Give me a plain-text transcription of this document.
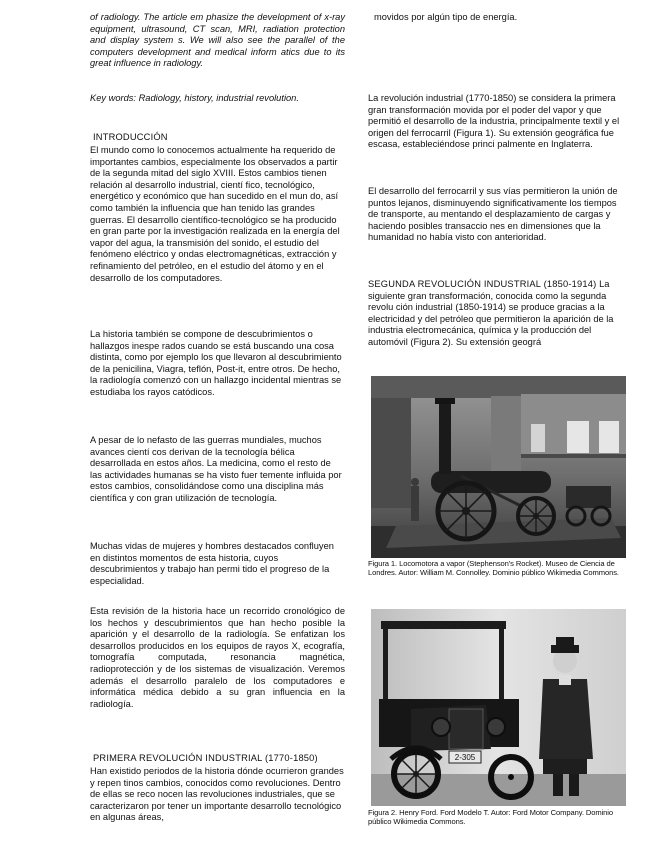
of radiology. The article em phasize the development of x-ray equipment, ultrasound, CT scan, MRI, radiation protection and display system s. We will also see the parallel of the computers development and medical inform atics due to its great influence in radiology.

Key words: Radiology, history, industrial revolution.

INTRODUCCIÓN

El mundo como lo conocemos actualmente ha requerido de importantes cambios, especialmente los observados a partir de la segunda mitad del siglo XVIII. Estos cambios tienen relación al desarrollo industrial, cientí fico, tecnológico, energético y económico que han sucedido en el mun do, así como también la influencia que han tenido las grandes guerras. El desarrollo científico-tecnológico se ha producido en gran parte por la investigación realizada en la energía del vapor del agua, la transmisión del sonido, el estudio del fenómeno eléctrico y ondas electromagnéticas, extracción y refinamiento del petróleo, en el estudio del átomo y en el desarrollo de los computadores.

La historia también se compone de descubrimientos o hallazgos inespe rados cuando se está buscando una cosa distinta, como por ejemplo los que llevaron al descubrimiento de la penicilina, Viagra, teflón, Post-it, entre otros. De hecho, la radiología comenzó con un hallazgo incidental mientras se estudiaba los rayos catódicos.

A pesar de lo nefasto de las guerras mundiales, muchos avances cientí cos derivan de la tecnología bélica desarrollada en estos años. La medicina, como el resto de las actividades humanas se ha visto fuer temente influida por estos cambios, consolidándose como una disciplina más científica y con gran utilización de tecnología.

Muchas vidas de mujeres y hombres destacados confluyen en distintos momentos de esta historia, cuyos descubrimientos y trabajo han permi tido el progreso de la especialidad.

Esta revisión de la historia hace un recorrido cronológico de los hechos y descubrimientos que han hecho posible la aparición y el desarrollo de la radiología. Se enfatizan los desarrollos producidos en los equipos de rayos X, ecografía, tomografía computada, resonancia magnética, radioprotección y de los sistemas de visualización. Veremos además el desarrollo paralelo de los computadores e informática médica debido a su gran influencia en la radiología.

PRIMERA REVOLUCIÓN INDUSTRIAL (1770-1850)

Han existido periodos de la historia dónde ocurrieron grandes y repen tinos cambios, conocidos como revoluciones. Dentro de ellas se reco nocen las revoluciones industriales, que se caracterizaron por tener un importante desarrollo tecnológico en algunas áreas,

movidos por algún tipo de energía.

La revolución industrial (1770-1850) se considera la primera gran transformación movida por el poder del vapor y que permitió el desarrollo de la industria, principalmente textil y el origen del ferrocarril (Figura 1). Su extensión geográfica fue escasa, estableciéndose princi palmente en Inglaterra.

El desarrollo del ferrocarril y sus vías permitieron la unión de puntos lejanos, disminuyendo significativamente los tiempos de transporte, au mentando el desplazamiento de cargas y haciendo posibles transaccio nes en dimensiones que la humanidad no había visto con anterioridad.

SEGUNDA REVOLUCIÓN INDUSTRIAL (1850-1914) La siguiente gran transformación, conocida como la segunda revolu ción industrial (1850-1914) se produce gracias a la electricidad y del petróleo que permitieron la aparición de la industria electromecánica, química y la producción del automóvil (Figura 2). Su extensión geográ

Figura 1. Locomotora a vapor (Stephenson's Rocket). Museo de Ciencia de Londres. Autor: William M. Connolley. Dominio público Wikimedia Commons.

2-305

Figura 2. Henry Ford. Ford Modelo T. Autor: Ford Motor Company. Dominio público Wikimedia Commons.
